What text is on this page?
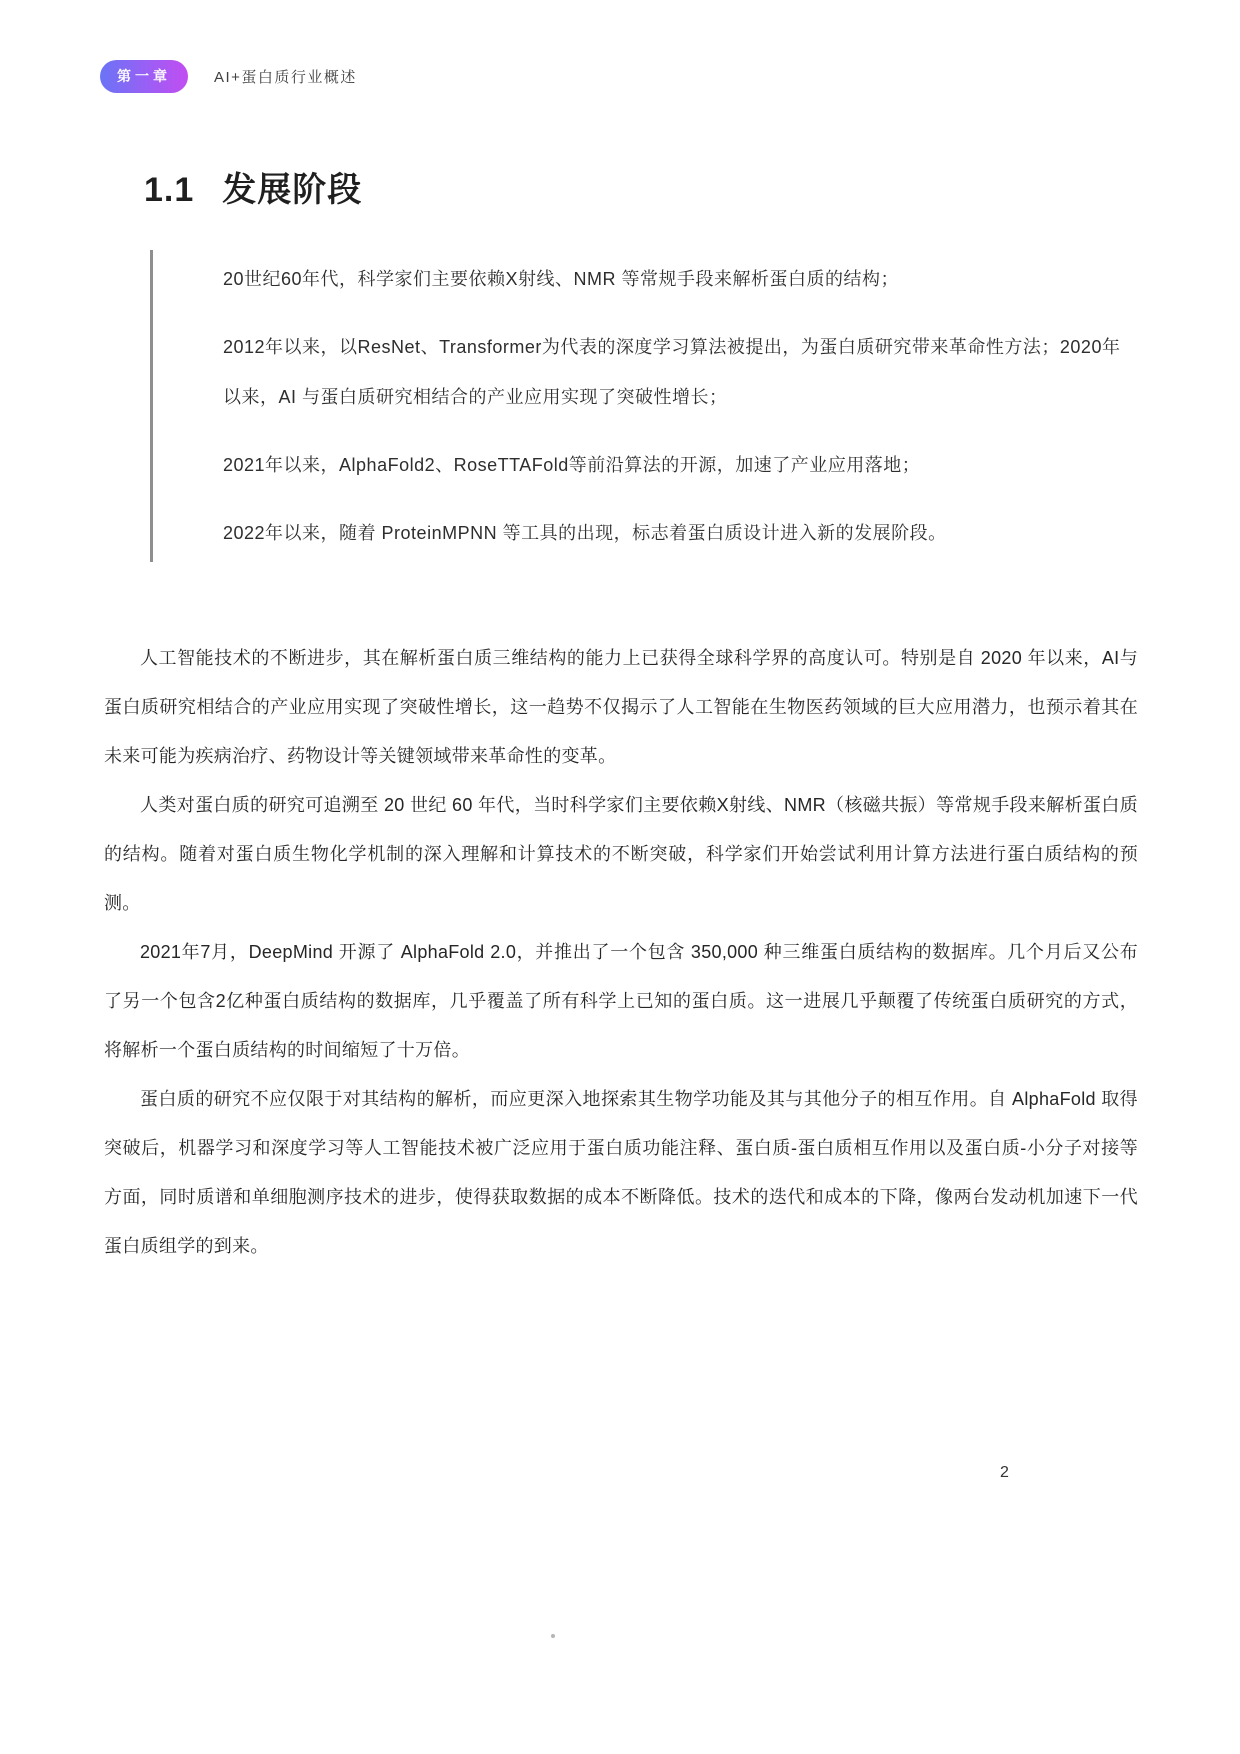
第一章	AI+蛋白质行业概述
1.1 发展阶段

20世纪60年代，科学家们主要依赖X射线、NMR 等常规手段来解析蛋白质的结构；

2012年以来，以ResNet、Transformer为代表的深度学习算法被提出，为蛋白质研究带来革命性方法；2020年以来，AI 与蛋白质研究相结合的产业应用实现了突破性增长；

2021年以来，AlphaFold2、RoseTTAFold等前沿算法的开源，加速了产业应用落地；

2022年以来，随着 ProteinMPNN 等工具的出现，标志着蛋白质设计进入新的发展阶段。

人工智能技术的不断进步，其在解析蛋白质三维结构的能力上已获得全球科学界的高度认可。特别是自 2020 年以来，AI与蛋白质研究相结合的产业应用实现了突破性增长，这一趋势不仅揭示了人工智能在生物医药领域的巨大应用潜力，也预示着其在未来可能为疾病治疗、药物设计等关键领域带来革命性的变革。

人类对蛋白质的研究可追溯至 20 世纪 60 年代，当时科学家们主要依赖X射线、NMR（核磁共振）等常规手段来解析蛋白质的结构。随着对蛋白质生物化学机制的深入理解和计算技术的不断突破，科学家们开始尝试利用计算方法进行蛋白质结构的预测。

2021年7月，DeepMind 开源了 AlphaFold 2.0，并推出了一个包含 350,000 种三维蛋白质结构的数据库。几个月后又公布了另一个包含2亿种蛋白质结构的数据库，几乎覆盖了所有科学上已知的蛋白质。这一进展几乎颠覆了传统蛋白质研究的方式，将解析一个蛋白质结构的时间缩短了十万倍。

蛋白质的研究不应仅限于对其结构的解析，而应更深入地探索其生物学功能及其与其他分子的相互作用。自 AlphaFold 取得突破后，机器学习和深度学习等人工智能技术被广泛应用于蛋白质功能注释、蛋白质-蛋白质相互作用以及蛋白质-小分子对接等方面，同时质谱和单细胞测序技术的进步，使得获取数据的成本不断降低。技术的迭代和成本的下降，像两台发动机加速下一代蛋白质组学的到来。

2
